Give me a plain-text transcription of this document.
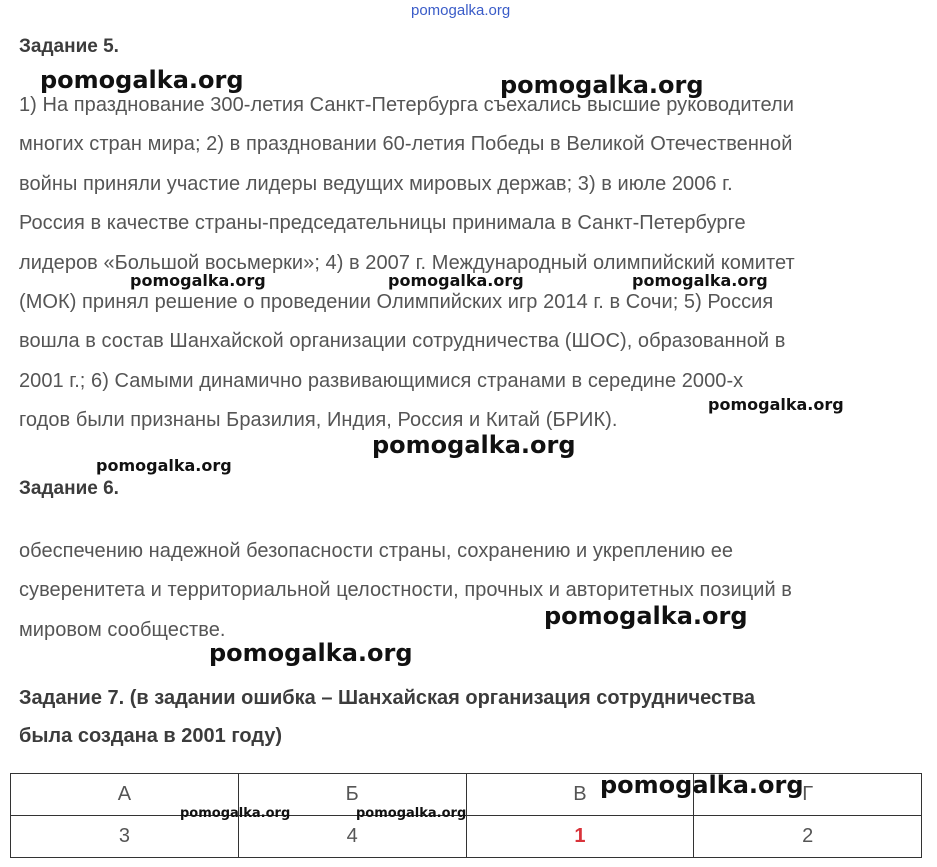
pomogalka.org
Задание 5.
1) На празднование 300-летия Санкт-Петербурга съехались высшие руководители
многих стран мира; 2) в праздновании 60-летия Победы в Великой Отечественной
войны приняли участие лидеры ведущих мировых держав; 3) в июле 2006 г.
Россия в качестве страны-председательницы принимала в Санкт-Петербурге
лидеров «Большой восьмерки»; 4) в 2007 г. Международный олимпийский комитет
(МОК) принял решение о проведении Олимпийских игр 2014 г. в Сочи; 5) Россия
вошла в состав Шанхайской организации сотрудничества (ШОС), образованной в
2001 г.; 6) Самыми динамично развивающимися странами в середине 2000-х
годов были признаны Бразилия, Индия, Россия и Китай (БРИК).
Задание 6.
обеспечению надежной безопасности страны, сохранению и укреплению ее
суверенитета и территориальной целостности, прочных и авторитетных позиций в
мировом сообществе.
Задание 7. (в задании ошибка – Шанхайская организация сотрудничества
была создана в 2001 году)
А	Б	В	Г
3	4	1	2
pomogalka.org	pomogalka.org
pomogalka.org	pomogalka.org	pomogalka.org
pomogalka.org
pomogalka.org
pomogalka.org
pomogalka.org
pomogalka.org
pomogalka.org
pomogalka.org	pomogalka.org
